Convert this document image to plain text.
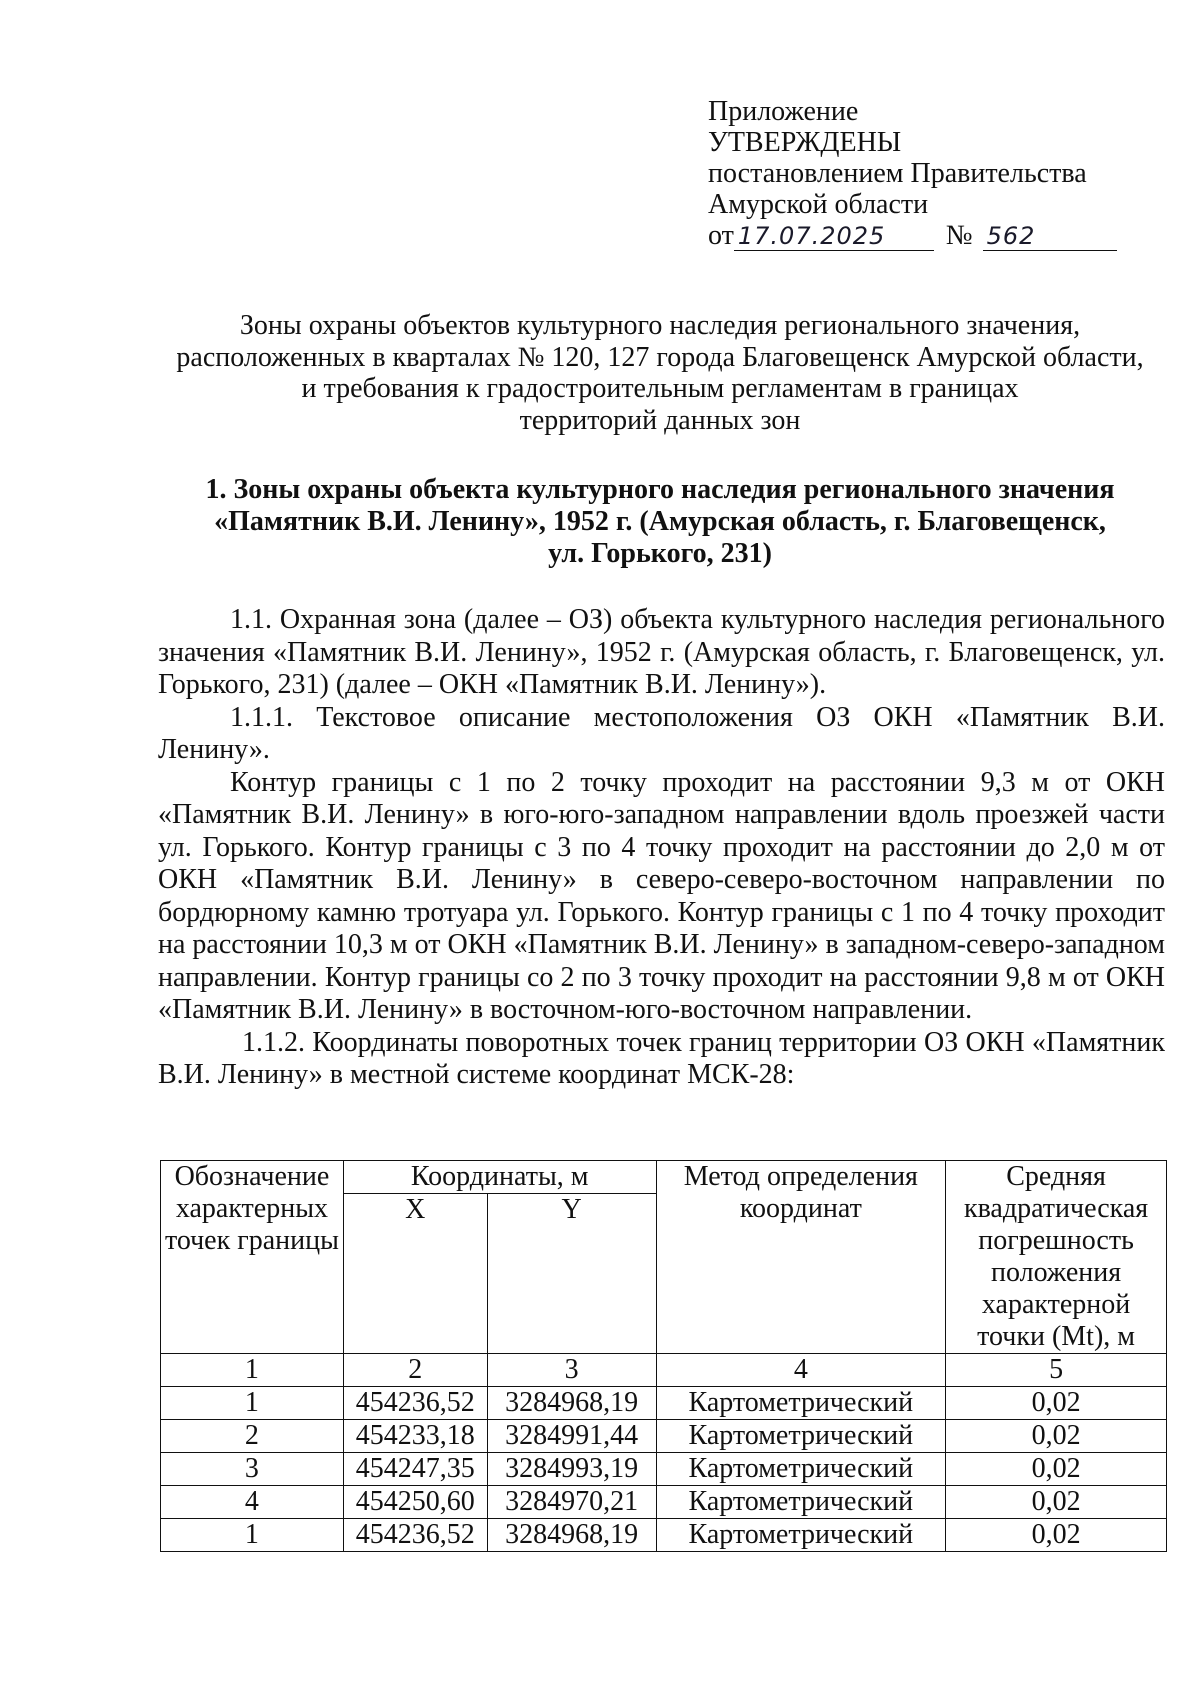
Приложение
УТВЕРЖДЕНЫ
постановлением Правительства
Амурской области
от 17.07.2025	№ 562
Зоны охраны объектов культурного наследия регионального значения,
расположенных в кварталах № 120, 127 города Благовещенск Амурской области,
и требования к градостроительным регламентам в границах
территорий данных зон
1. Зоны охраны объекта культурного наследия регионального значения
«Памятник В.И. Ленину», 1952 г. (Амурская область, г. Благовещенск,
ул. Горького, 231)

1.1. Охранная зона (далее – ОЗ) объекта культурного наследия регионального значения «Памятник В.И. Ленину», 1952 г. (Амурская область, г. Благовещенск, ул. Горького, 231) (далее – ОКН «Памятник В.И. Ленину»).

1.1.1. Текстовое описание местоположения ОЗ ОКН «Памятник В.И. Ленину».

Контур границы с 1 по 2 точку проходит на расстоянии 9,3 м от ОКН «Памятник В.И. Ленину» в юго-юго-западном направлении вдоль проезжей части ул. Горького. Контур границы с 3 по 4 точку проходит на расстоянии до 2,0 м от ОКН «Памятник В.И. Ленину» в северо-северо-восточном направлении по бордюрному камню тротуара ул. Горького. Контур границы с 1 по 4 точку проходит на расстоянии 10,3 м от ОКН «Памятник В.И. Ленину» в западном-северо-западном направлении. Контур границы со 2 по 3 точку проходит на расстоянии 9,8 м от ОКН «Памятник В.И. Ленину» в восточном-юго-восточном направлении.

1.1.2. Координаты поворотных точек границ территории ОЗ ОКН «Памятник В.И. Ленину» в местной системе координат МСК-28:

Обозначение характерных точек границы	Координаты, м		Метод определения координат	Средняя квадратическая погрешность положения характерной точки (Mt), м
	X	Y		
1	2	3	4	5
1	454236,52	3284968,19	Картометрический	0,02
2	454233,18	3284991,44	Картометрический	0,02
3	454247,35	3284993,19	Картометрический	0,02
4	454250,60	3284970,21	Картометрический	0,02
1	454236,52	3284968,19	Картометрический	0,02
